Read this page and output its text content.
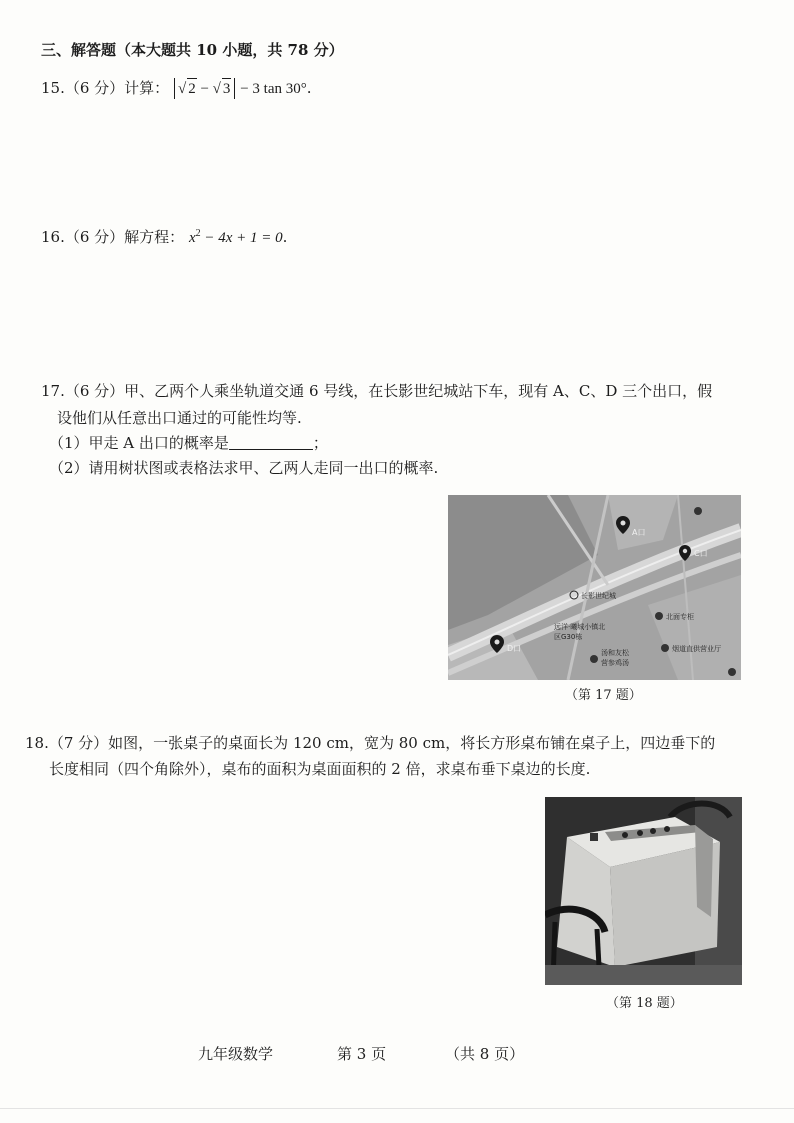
三、解答题（本大题共 10 小题，共 78 分）
15.（6 分）计算： √ 2 − √ 3 − 3 tan 30°.
16.（6 分）解方程： $x^2 - 4x + 1 = 0$.
17.（6 分）甲、乙两个人乘坐轨道交通 6 号线，在长影世纪城站下车，现有 A、C、D 三个出口，假
设他们从任意出口通过的可能性均等.
（1）甲走 A 出口的概率是	；
（2）请用树状图或表格法求甲、乙两人走同一出口的概率.
A口
C口
D口
长影世纪城
北面专柜
远洋·曦城小镇北
区G30栋
汤和友松
营参鸡汤
烟道直供营业厅
（第 17 题）
18.（7 分）如图，一张桌子的桌面长为 120 cm，宽为 80 cm，将长方形桌布铺在桌子上，四边垂下的
长度相同（四个角除外），桌布的面积为桌面面积的 2 倍，求桌布垂下桌边的长度.
（第 18 题）
九年级数学	第 3 页	（共 8 页）
